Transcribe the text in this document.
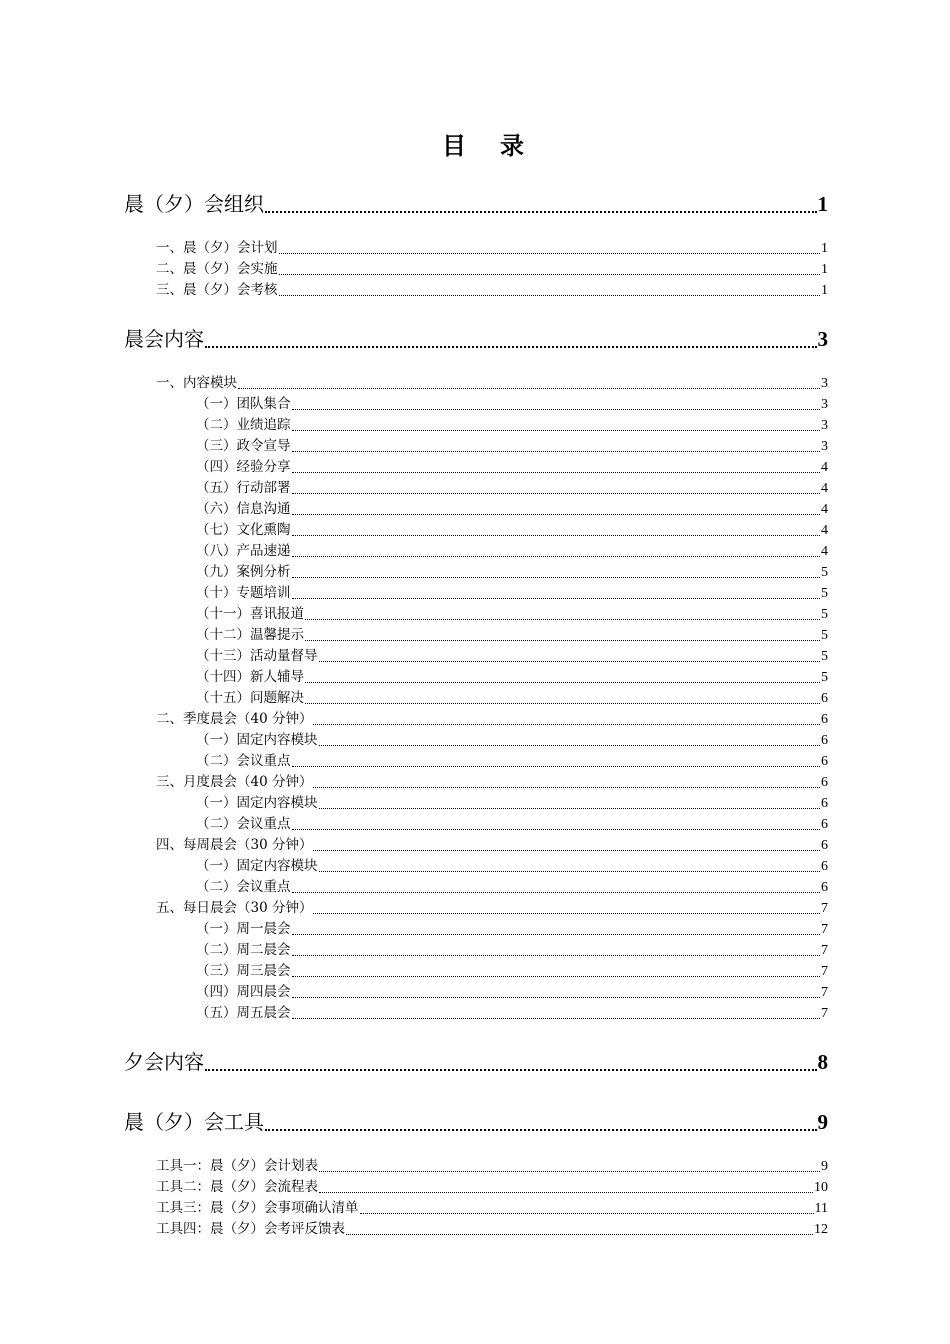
目录
晨（夕）会组织	1
一、晨（夕）会计划	1
二、晨（夕）会实施	1
三、晨（夕）会考核	1
晨会内容	3
一、内容模块	3
（一）团队集合	3
（二）业绩追踪	3
（三）政令宣导	3
（四）经验分享	4
（五）行动部署	4
（六）信息沟通	4
（七）文化熏陶	4
（八）产品速递	4
（九）案例分析	5
（十）专题培训	5
（十一）喜讯报道	5
（十二）温馨提示	5
（十三）活动量督导	5
（十四）新人辅导	5
（十五）问题解决	6
二、季度晨会（40 分钟）	6
（一）固定内容模块	6
（二）会议重点	6
三、月度晨会（40 分钟）	6
（一）固定内容模块	6
（二）会议重点	6
四、每周晨会（30 分钟）	6
（一）固定内容模块	6
（二）会议重点	6
五、每日晨会（30 分钟）	7
（一）周一晨会	7
（二）周二晨会	7
（三）周三晨会	7
（四）周四晨会	7
（五）周五晨会	7
夕会内容	8
晨（夕）会工具	9
工具一：晨（夕）会计划表	9
工具二：晨（夕）会流程表	10
工具三：晨（夕）会事项确认清单	11
工具四：晨（夕）会考评反馈表	12
